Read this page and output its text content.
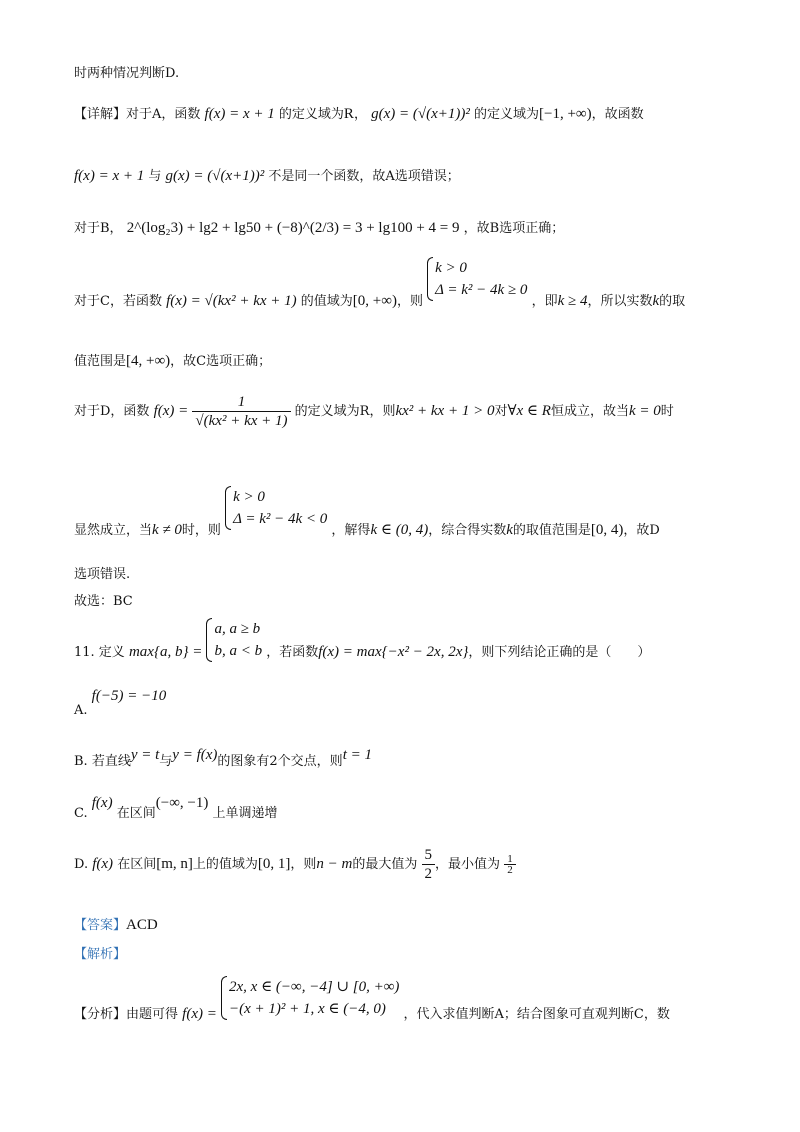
时两种情况判断D.
【详解】对于A，函数 f(x) = x + 1 的定义域为R， g(x) = (√(x+1))² 的定义域为[−1, +∞)，故函数
f(x) = x + 1 与 g(x) = (√(x+1))² 不是同一个函数，故A选项错误；
对于B， 2^(log₂3) + lg2 + lg50 + (−8)^(2/3) = 3 + lg100 + 4 = 9 ，故B选项正确；
对于C，若函数 f(x) = √(kx² + kx + 1) 的值域为[0, +∞)，则
k > 0
Δ = k² − 4k ≥ 0
，即k ≥ 4，所以实数k的取
值范围是[4, +∞)，故C选项正确；
对于D，函数 $f(x) = \frac{1}{\text{√(kx² + kx + 1)}}$ 的定义域为R，则kx² + kx + 1 > 0对∀x ∈ R恒成立，故当k = 0时
显然成立，当k ≠ 0时，则
k > 0
Δ = k² − 4k < 0
，解得k ∈ (0, 4)，综合得实数k的取值范围是[0, 4)，故D
选项错误.
故选：BC
11. 定义 max{a, b} =
a, a ≥ b
b, a < b ，若函数f(x) = max{−x² − 2x, 2x}，则下列结论正确的是（　　）
A. f(−5) = −10
B. 若直线y = t与y = f(x)的图象有2个交点，则t = 1
C. f(x) 在区间(−∞, −1) 上单调递增
D. f(x) 在区间[m, n]上的值域为[0, 1]，则n − m的最大值为 $\frac{5}{2}$ ，最小值为 $\frac{1}{2}$
【答案】ACD
【解析】
【分析】由题可得 f(x) =
2x, x ∈ (−∞, −4] ∪ [0, +∞)
−(x + 1)² + 1, x ∈ (−4, 0)	，代入求值判断A；结合图象可直观判断C，数
